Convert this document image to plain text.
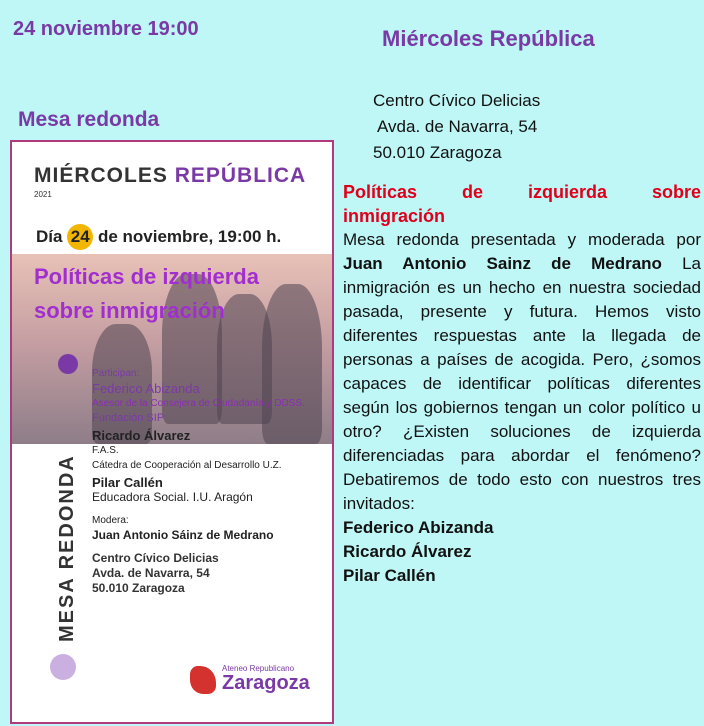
24 noviembre 19:00	Miércoles República
Mesa redonda
Centro Cívico Delicias
Avda. de Navarra, 54
50.010 Zaragoza
MIÉRCOLES REPÚBLICA
2021
Día 24 de noviembre, 19:00 h.
Políticas de izquierda
sobre inmigración
MESA REDONDA
Participan:
Federico Abizanda
Asesor de la Consejera de Ciudadanía y DDSS.
Fundación SIP
Ricardo Álvarez
F.A.S.
Cátedra de Cooperación al Desarrollo U.Z.
Pilar Callén
Educadora Social. I.U. Aragón
Modera:
Juan Antonio Sáinz de Medrano
Centro Cívico Delicias
Avda. de Navarra, 54
50.010 Zaragoza
Ateneo Republicano
Zaragoza
Políticas de izquierda sobre
inmigración
Mesa redonda presentada y moderada por Juan Antonio Sainz de Medrano La inmigración es un hecho en nuestra sociedad pasada, presente y futura. Hemos visto diferentes respuestas ante la llegada de personas a países de acogida. Pero, ¿somos capaces de identificar políticas diferentes según los gobiernos tengan un color político u otro? ¿Existen soluciones de izquierda diferenciadas para abordar el fenómeno? Debatiremos de todo esto con nuestros tres invitados:
Federico Abizanda
Ricardo Álvarez
Pilar Callén
